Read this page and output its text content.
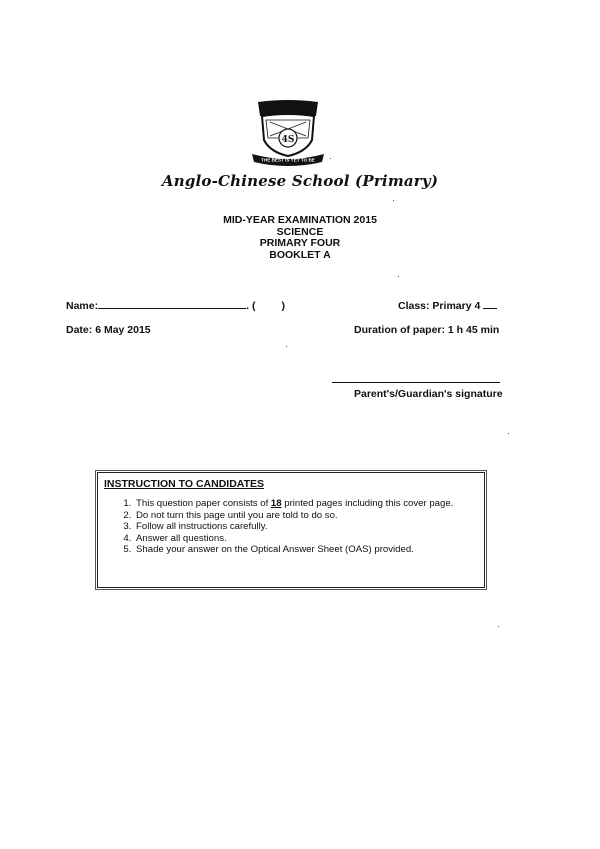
4S
THE BEST IS YET TO BE
Anglo-Chinese School (Primary)
MID-YEAR EXAMINATION 2015
SCIENCE
PRIMARY FOUR
BOOKLET A
Name:	. ( )	Class: Primary 4
Date: 6 May 2015	Duration of paper: 1 h 45 min
Parent's/Guardian's signature
INSTRUCTION TO CANDIDATES
1. This question paper consists of 18 printed pages including this cover page.
2. Do not turn this page until you are told to do so.
3. Follow all instructions carefully.
4. Answer all questions.
5. Shade your answer on the Optical Answer Sheet (OAS) provided.
